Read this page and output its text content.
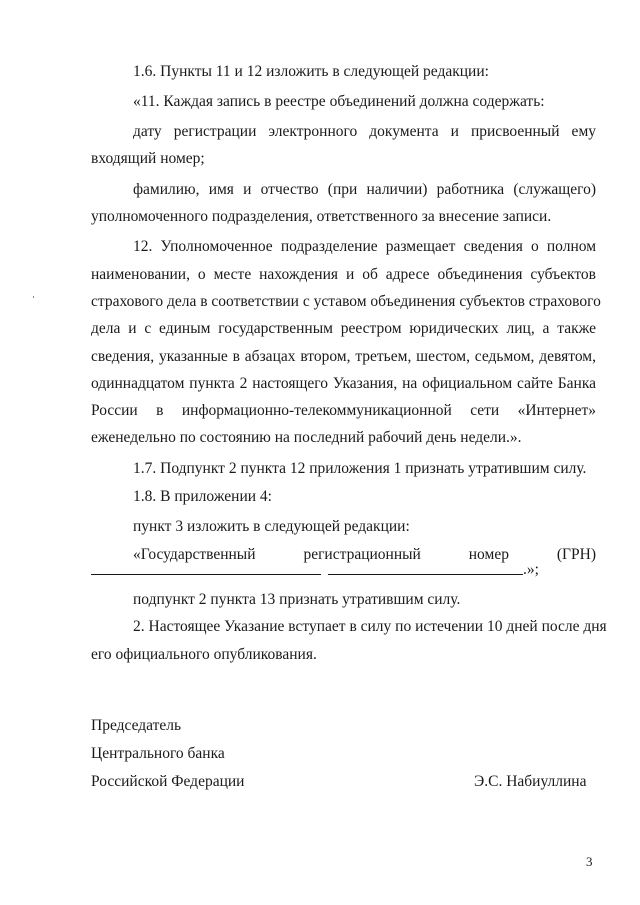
1.6. Пункты 11 и 12 изложить в следующей редакции:
«11. Каждая запись в реестре объединений должна содержать:
дату регистрации электронного документа и присвоенный ему
входящий номер;
фамилию, имя и отчество (при наличии) работника (служащего)
уполномоченного подразделения, ответственного за внесение записи.
12. Уполномоченное подразделение размещает сведения о полном
наименовании, о месте нахождения и об адресе объединения субъектов
страхового дела в соответствии с уставом объединения субъектов страхового
дела и с единым государственным реестром юридических лиц, а также
сведения, указанные в абзацах втором, третьем, шестом, седьмом, девятом,
одиннадцатом пункта 2 настоящего Указания, на официальном сайте Банка
России в информационно-телекоммуникационной сети «Интернет»
еженедельно по состоянию на последний рабочий день недели.».
1.7. Подпункт 2 пункта 12 приложения 1 признать утратившим силу.
1.8. В приложении 4:
пункт 3 изложить в следующей редакции:
«Государственный регистрационный номер (ГРН)
.»;
подпункт 2 пункта 13 признать утратившим силу.
2. Настоящее Указание вступает в силу по истечении 10 дней после дня
его официального опубликования.
Председатель
Центрального банка
Российской Федерации	Э.С. Набиуллина
3
